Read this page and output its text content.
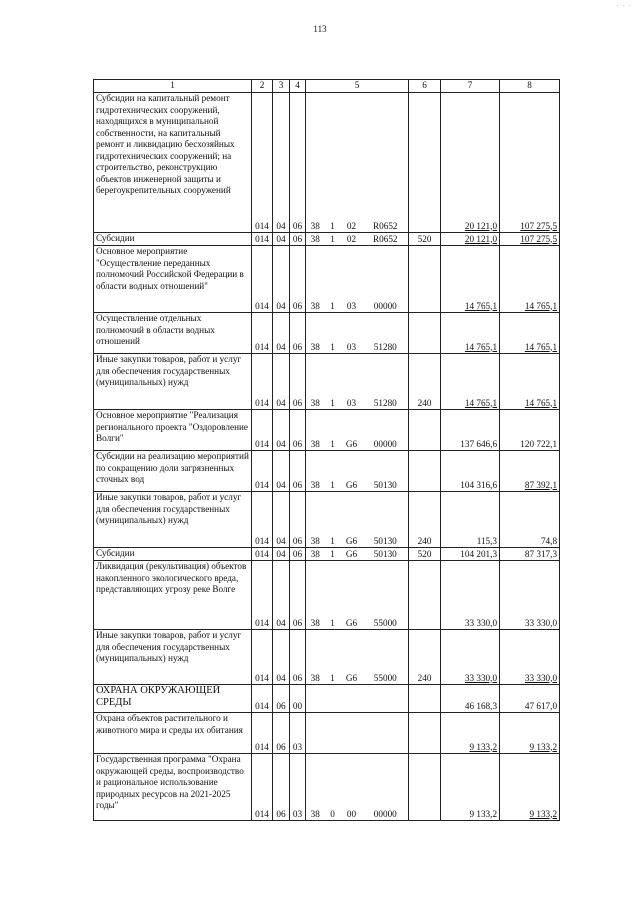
113
· · ·
1	2	3	4	5				6	7	8
Субсидии на капитальный ремонт гидротехнических сооружений, находящихся в муниципальной собственности, на капитальный ремонт и ликвидацию бесхозяйных гидротехнических сооружений; на строительство, реконструкцию объектов инженерной защиты и берегоукрепительных сооружений	014	04	06	38	1	02	R0652		20 121,0	107 275,5
Субсидии	014	04	06	38	1	02	R0652	520	20 121,0	107 275,5
Основное мероприятие "Осуществление переданных полномочий Российской Федерации в области водных отношений"	014	04	06	38	1	03	00000		14 765,1	14 765,1
Осуществление отдельных полномочий в области водных отношений	014	04	06	38	1	03	51280		14 765,1	14 765,1
Иные закупки товаров, работ и услуг для обеспечения государственных (муниципальных) нужд	014	04	06	38	1	03	51280	240	14 765,1	14 765,1
Основное мероприятие "Реализация регионального проекта "Оздоровление Волги"	014	04	06	38	1	G6	00000		137 646,6	120 722,1
Субсидии на реализацию мероприятий по сокращению доли загрязненных сточных вод	014	04	06	38	1	G6	50130		104 316,6	87 392,1
Иные закупки товаров, работ и услуг для обеспечения государственных (муниципальных) нужд	014	04	06	38	1	G6	50130	240	115,3	74,8
Субсидии	014	04	06	38	1	G6	50130	520	104 201,3	87 317,3
Ликвидация (рекультивация) объектов накопленного экологического вреда, представляющих угрозу реке Волге	014	04	06	38	1	G6	55000		33 330,0	33 330,0
Иные закупки товаров, работ и услуг для обеспечения государственных (муниципальных) нужд	014	04	06	38	1	G6	55000	240	33 330,0	33 330,0
ОХРАНА ОКРУЖАЮЩЕЙ СРЕДЫ	014	06	00						46 168,3	47 617,0
Охрана объектов растительного и животного мира и среды их обитания	014	06	03						9 133,2	9 133,2
Государственная программа "Охрана окружающей среды, воспроизводство и рациональное использование природных ресурсов на 2021-2025 годы"	014	06	03	38	0	00	00000		9 133,2	9 133,2
